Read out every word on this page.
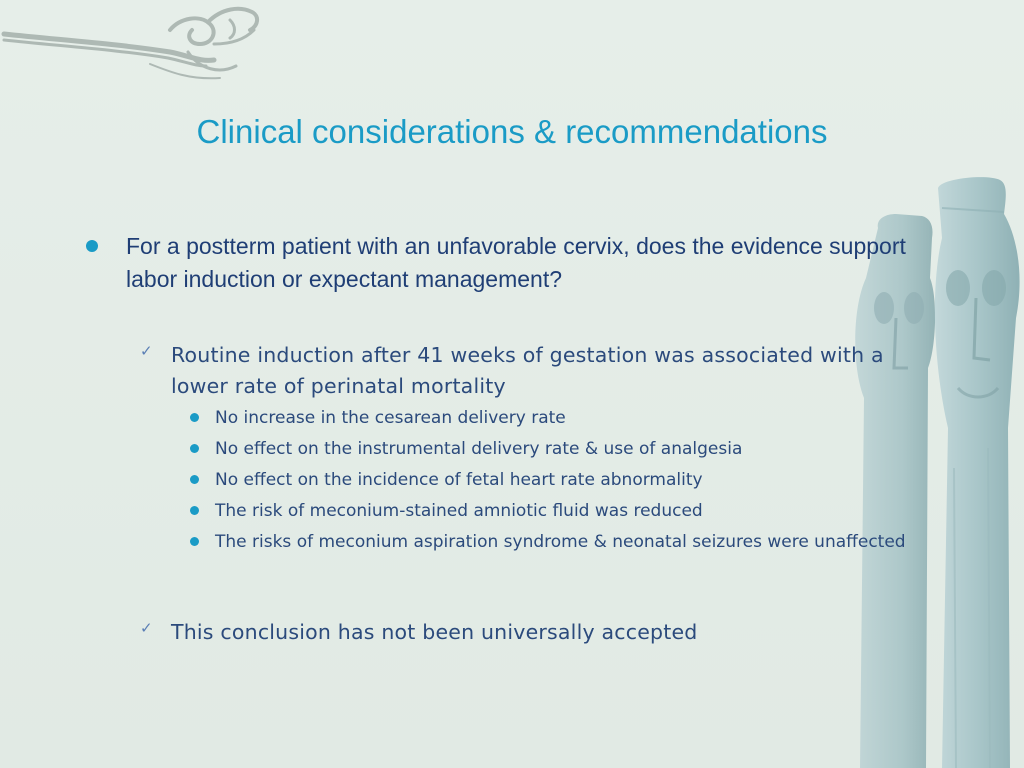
Clinical considerations & recommendations
For a postterm patient with an unfavorable cervix, does the evidence support labor induction or expectant management?
✓ Routine induction after 41 weeks of gestation was associated with a lower rate of perinatal mortality
No increase in the cesarean delivery rate
No effect on the instrumental delivery rate & use of analgesia
No effect on the incidence of fetal heart rate abnormality
The risk of meconium-stained amniotic fluid was reduced
The risks of meconium aspiration syndrome & neonatal seizures were unaffected
✓ This conclusion has not been universally accepted
